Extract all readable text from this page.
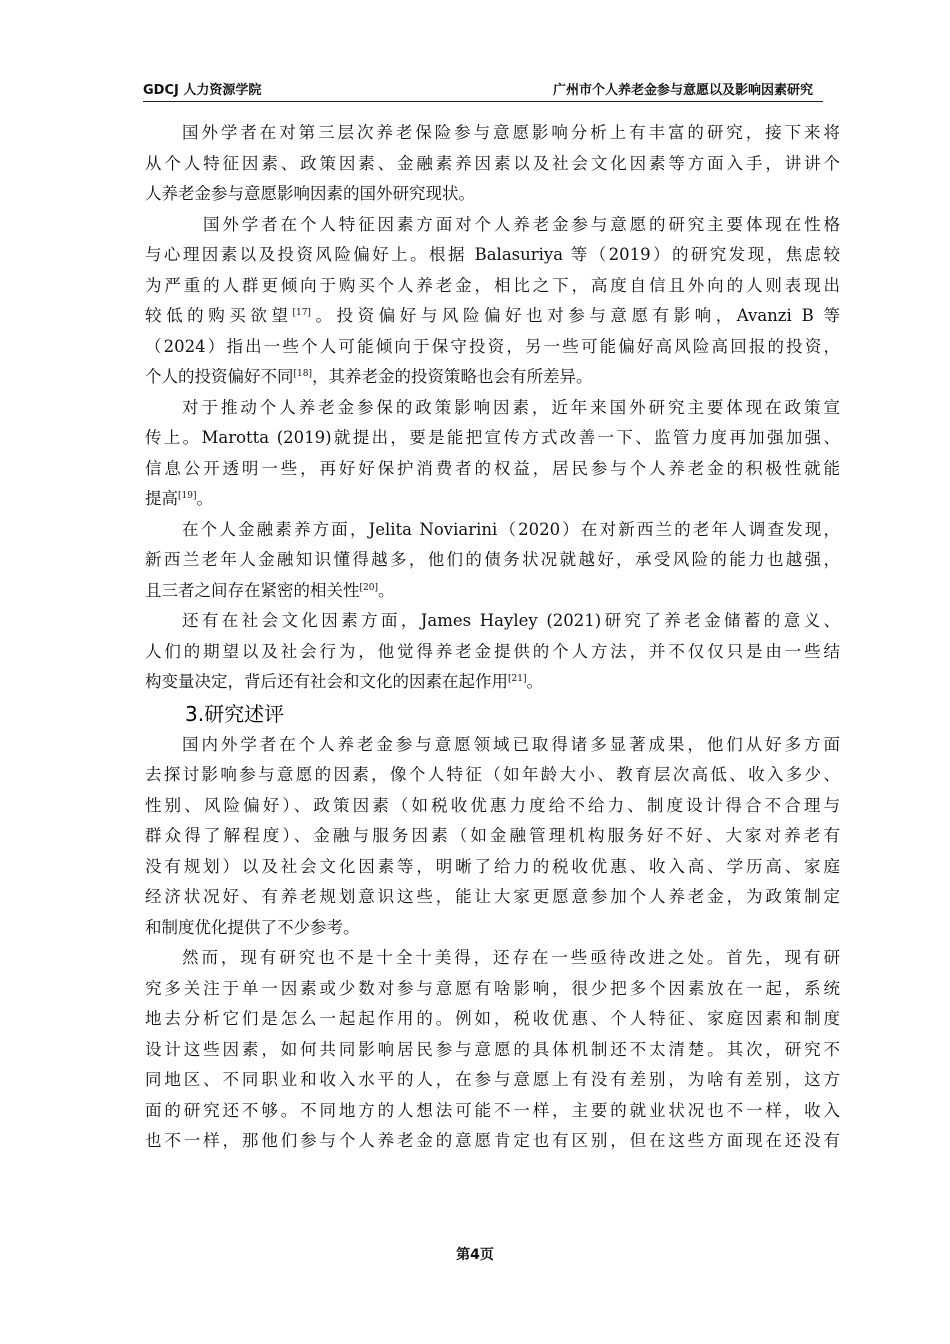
GDCJ 人力资源学院	广州市个人养老金参与意愿以及影响因素研究
国外学者在对第三层次养老保险参与意愿影响分析上有丰富的研究，接下来将
从个人特征因素、政策因素、金融素养因素以及社会文化因素等方面入手，讲讲个
人养老金参与意愿影响因素的国外研究现状。
国外学者在个人特征因素方面对个人养老金参与意愿的研究主要体现在性格
与心理因素以及投资风险偏好上。根据 Balasuriya 等（2019）的研究发现，焦虑较
为严重的人群更倾向于购买个人养老金，相比之下，高度自信且外向的人则表现出
较低的购买欲望[17]。投资偏好与风险偏好也对参与意愿有影响，Avanzi B 等
（2024）指出一些个人可能倾向于保守投资，另一些可能偏好高风险高回报的投资，
个人的投资偏好不同[18]，其养老金的投资策略也会有所差异。
对于推动个人养老金参保的政策影响因素，近年来国外研究主要体现在政策宣
传上。Marotta (2019)就提出，要是能把宣传方式改善一下、监管力度再加强加强、
信息公开透明一些，再好好保护消费者的权益，居民参与个人养老金的积极性就能
提高[19]。
在个人金融素养方面，Jelita Noviarini（2020）在对新西兰的老年人调查发现，
新西兰老年人金融知识懂得越多，他们的债务状况就越好，承受风险的能力也越强，
且三者之间存在紧密的相关性[20]。
还有在社会文化因素方面，James Hayley (2021)研究了养老金储蓄的意义、
人们的期望以及社会行为，他觉得养老金提供的个人方法，并不仅仅只是由一些结
构变量决定，背后还有社会和文化的因素在起作用[21]。
3.研究述评
国内外学者在个人养老金参与意愿领域已取得诸多显著成果，他们从好多方面
去探讨影响参与意愿的因素，像个人特征（如年龄大小、教育层次高低、收入多少、
性别、风险偏好）、政策因素（如税收优惠力度给不给力、制度设计得合不合理与
群众得了解程度）、金融与服务因素（如金融管理机构服务好不好、大家对养老有
没有规划）以及社会文化因素等，明晰了给力的税收优惠、收入高、学历高、家庭
经济状况好、有养老规划意识这些，能让大家更愿意参加个人养老金，为政策制定
和制度优化提供了不少参考。
然而，现有研究也不是十全十美得，还存在一些亟待改进之处。首先，现有研
究多关注于单一因素或少数对参与意愿有啥影响，很少把多个因素放在一起，系统
地去分析它们是怎么一起起作用的。例如，税收优惠、个人特征、家庭因素和制度
设计这些因素，如何共同影响居民参与意愿的具体机制还不太清楚。其次，研究不
同地区、不同职业和收入水平的人，在参与意愿上有没有差别，为啥有差别，这方
面的研究还不够。不同地方的人想法可能不一样，主要的就业状况也不一样，收入
也不一样，那他们参与个人养老金的意愿肯定也有区别，但在这些方面现在还没有
第4页
